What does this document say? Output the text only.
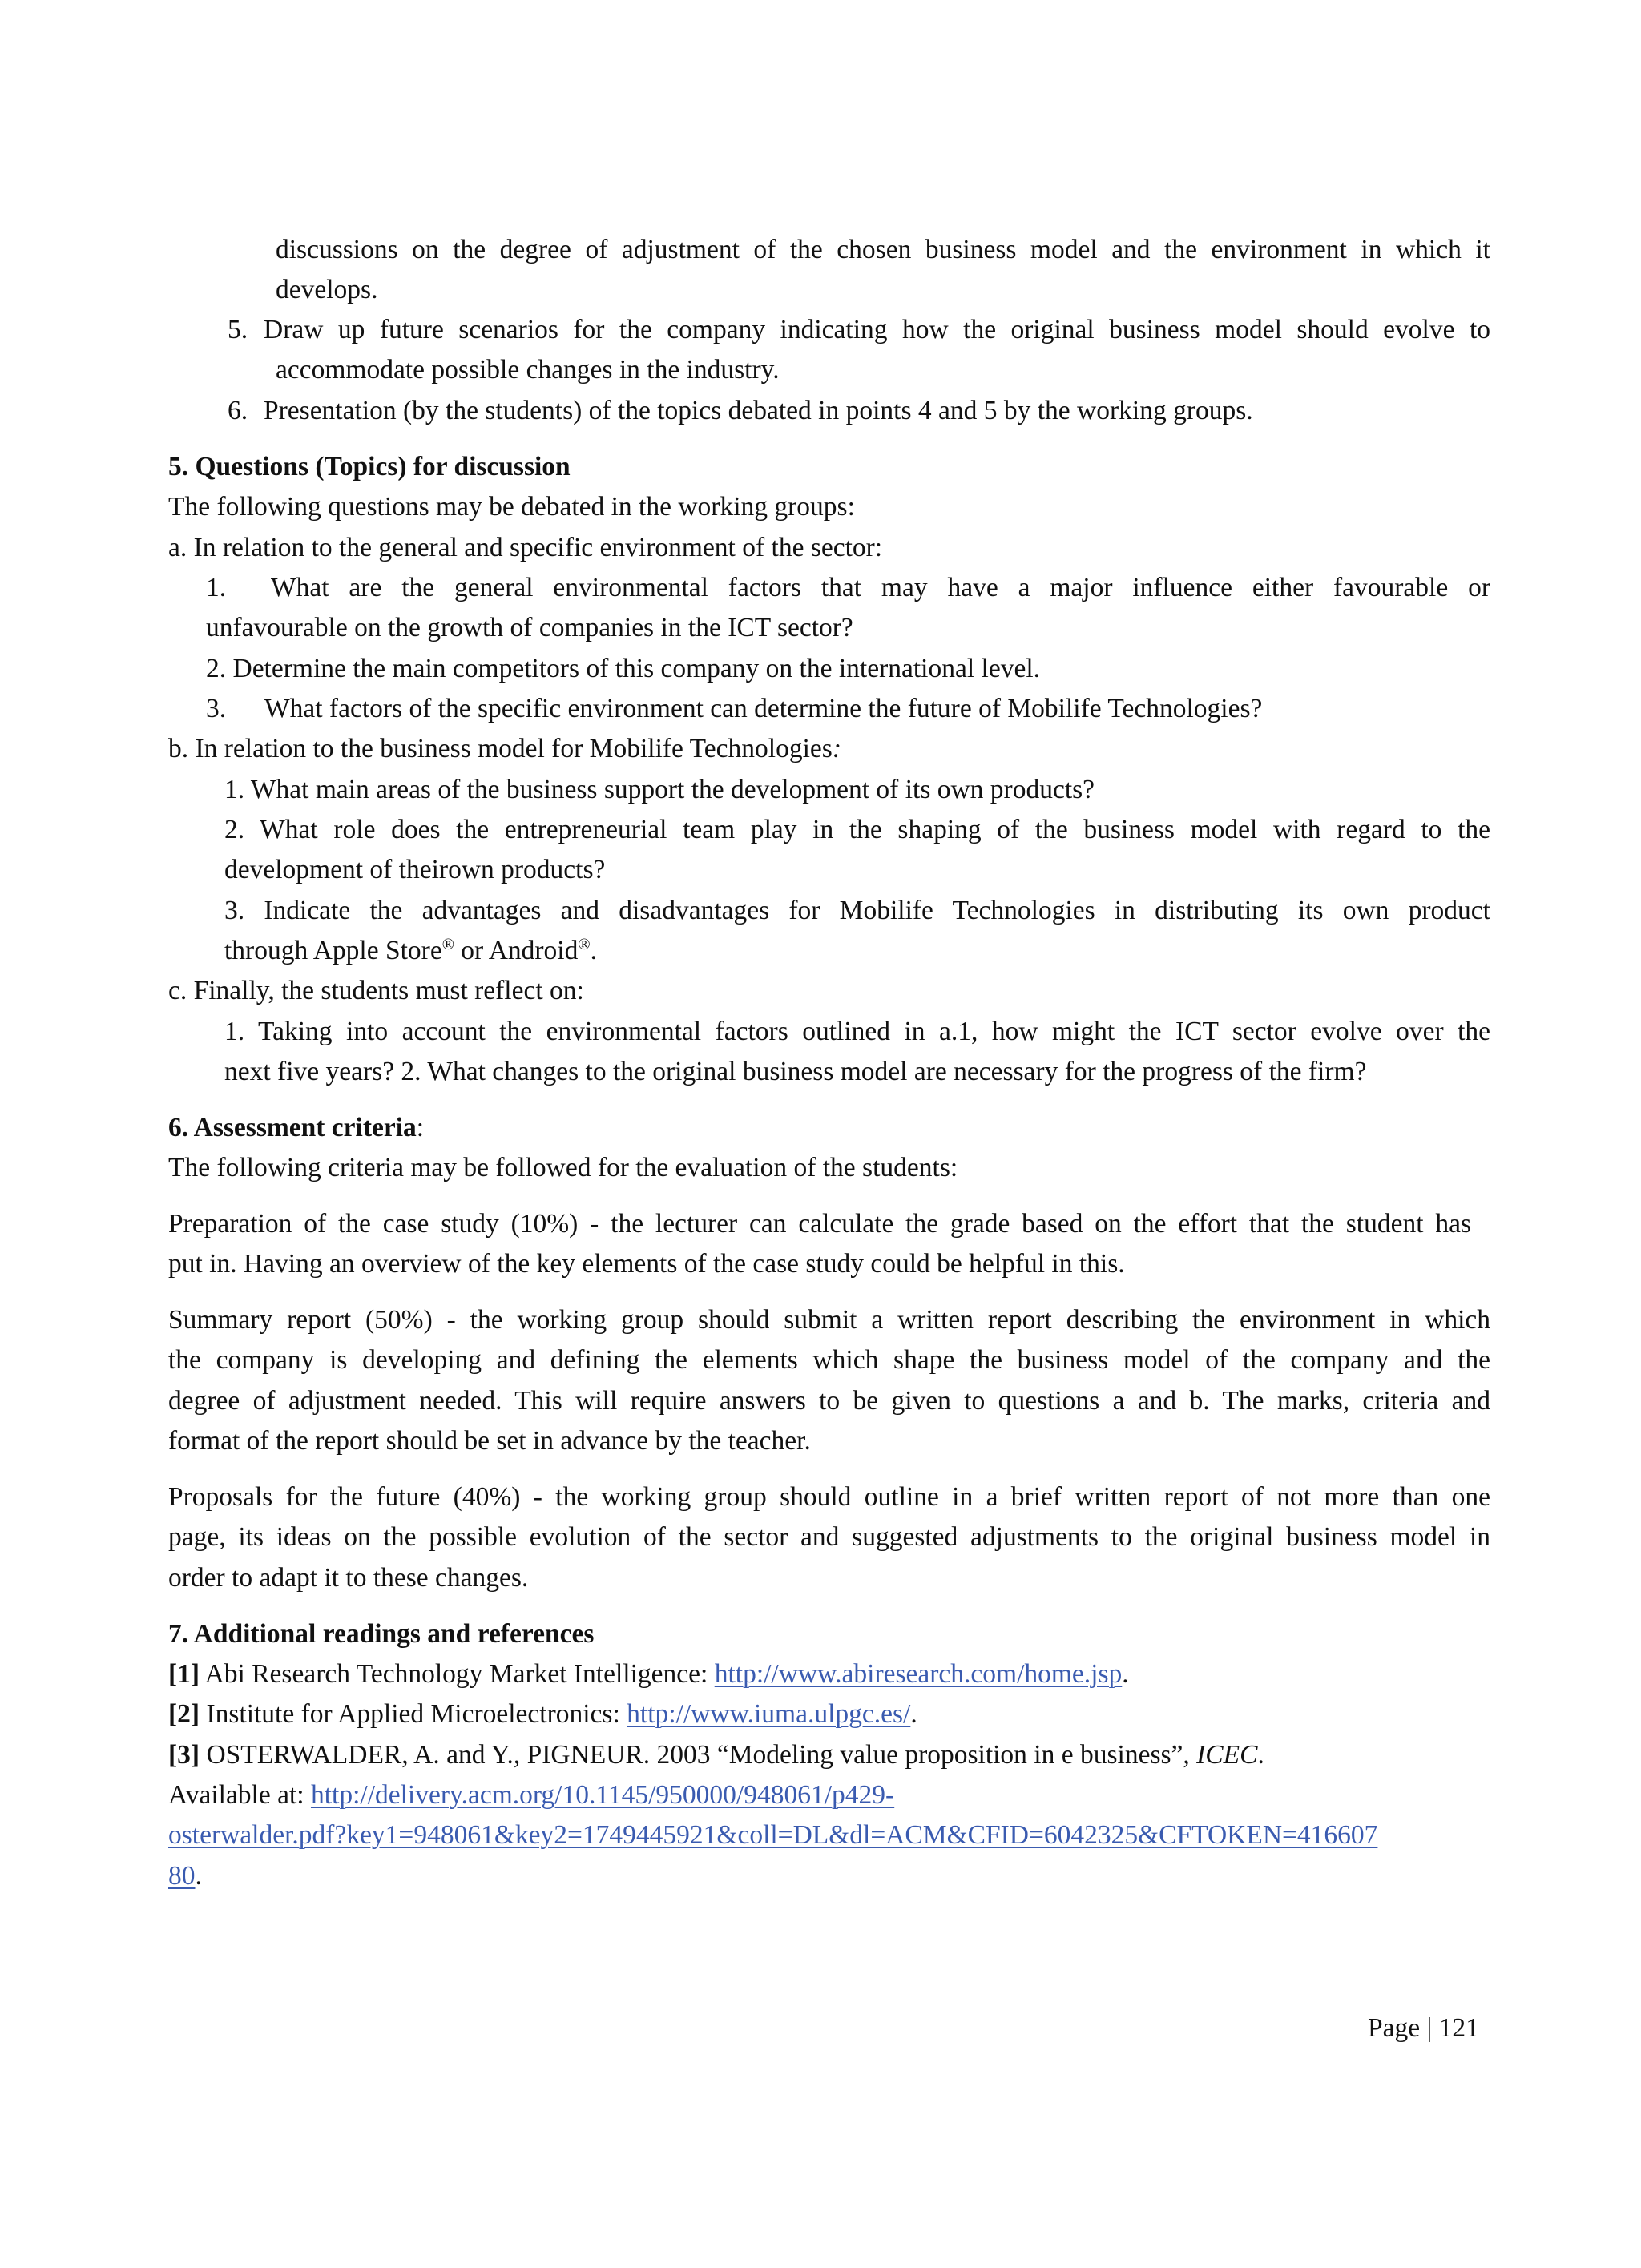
discussions on the degree of adjustment of the chosen business model and the environment in which it
develops.
5. Draw up future scenarios for the company indicating how the original business model should evolve to
accommodate possible changes in the industry.
6. Presentation (by the students) of the topics debated in points 4 and 5 by the working groups.
5. Questions (Topics) for discussion
The following questions may be debated in the working groups:
a. In relation to the general and specific environment of the sector:
1. What are the general environmental factors that may have a major influence either favourable or
unfavourable on the growth of companies in the ICT sector?
2. Determine the main competitors of this company on the international level.
3. What factors of the specific environment can determine the future of Mobilife Technologies?
b. In relation to the business model for Mobilife Technologies:
1. What main areas of the business support the development of its own products?
2. What role does the entrepreneurial team play in the shaping of the business model with regard to the
development of theirown products?
3. Indicate the advantages and disadvantages for Mobilife Technologies in distributing its own product
through Apple Store® or Android®.
c. Finally, the students must reflect on:
1. Taking into account the environmental factors outlined in a.1, how might the ICT sector evolve over the
next five years? 2. What changes to the original business model are necessary for the progress of the firm?
6. Assessment criteria:
The following criteria may be followed for the evaluation of the students:
Preparation of the case study (10%) - the lecturer can calculate the grade based on the effort that the student has
put in. Having an overview of the key elements of the case study could be helpful in this.
Summary report (50%) - the working group should submit a written report describing the environment in which
the company is developing and defining the elements which shape the business model of the company and the
degree of adjustment needed. This will require answers to be given to questions a and b. The marks, criteria and
format of the report should be set in advance by the teacher.
Proposals for the future (40%) - the working group should outline in a brief written report of not more than one
page, its ideas on the possible evolution of the sector and suggested adjustments to the original business model in
order to adapt it to these changes.
7. Additional readings and references
[1] Abi Research Technology Market Intelligence: http://www.abiresearch.com/home.jsp.
[2] Institute for Applied Microelectronics: http://www.iuma.ulpgc.es/.
[3] OSTERWALDER, A. and Y., PIGNEUR. 2003 “Modeling value proposition in e business”, ICEC.
Available at: http://delivery.acm.org/10.1145/950000/948061/p429-
osterwalder.pdf?key1=948061&key2=1749445921&coll=DL&dl=ACM&CFID=6042325&CFTOKEN=416607
80.
Page | 121
